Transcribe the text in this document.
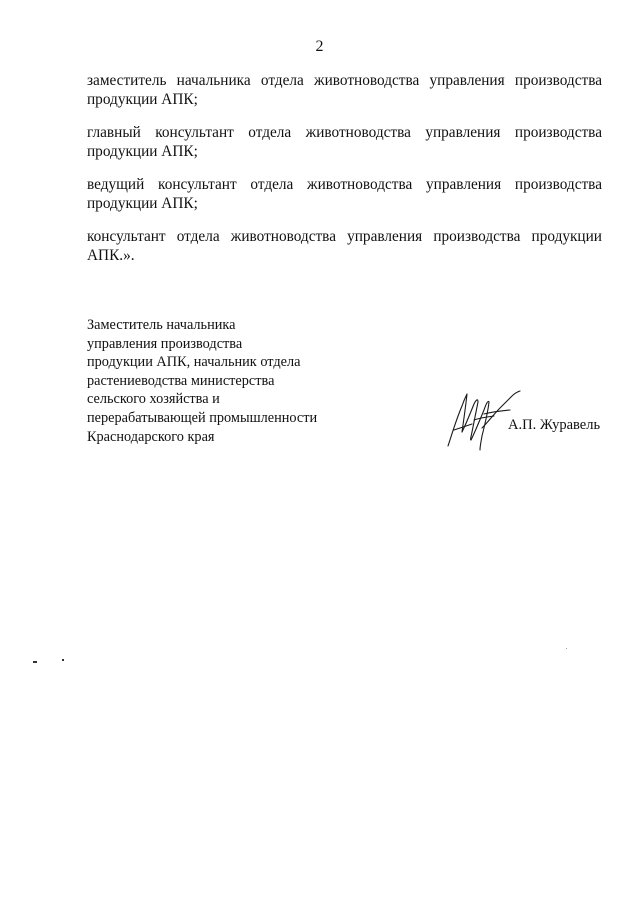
2

заместитель начальника отдела животноводства управления производства продукции АПК;

главный консультант отдела животноводства управления производства продукции АПК;

ведущий консультант отдела животноводства управления производства продукции АПК;

консультант отдела животноводства управления производства продукции АПК.».

Заместитель начальника
управления производства
продукции АПК, начальник отдела
растениеводства министерства
сельского хозяйства и
перерабатывающей промышленности
Краснодарского края
А.П. Журавель
